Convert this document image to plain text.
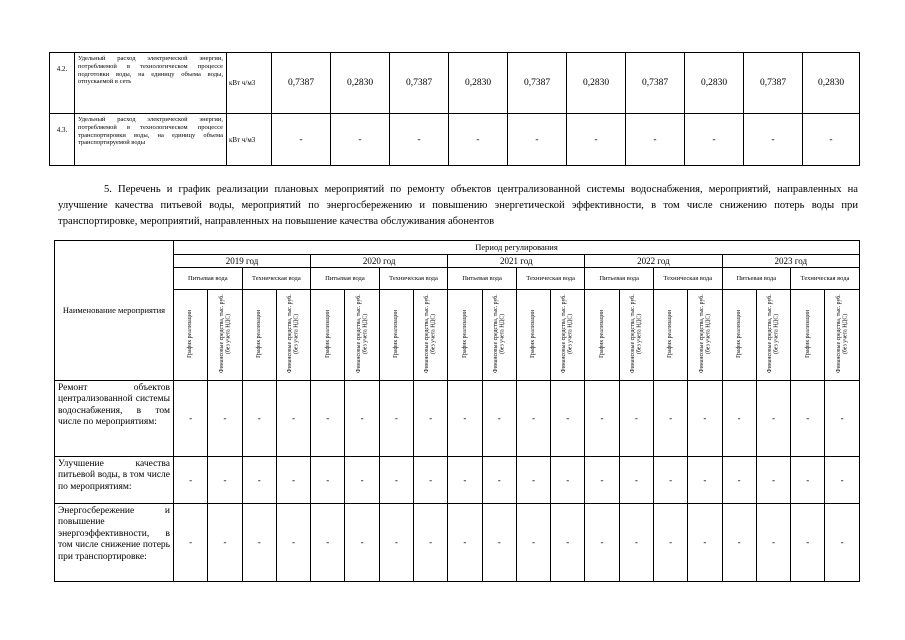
4.2.	Удельный расход электрической энергии, потребляемой в технологическом процессе подготовки воды, на единицу объема воды, отпускаемой в сеть	кВт ч/м3	0,7387	0,2830	0,7387	0,2830	0,7387	0,2830	0,7387	0,2830	0,7387	0,2830
4.3.	Удельный расход электрической энергии, потребляемой в технологическом процессе транспортировки воды, на единицу объема транспортируемой воды	кВт ч/м3	-	-	-	-	-	-	-	-	-	-

5. Перечень и график реализации плановых мероприятий по ремонту объектов централизованной системы водоснабжения, мероприятий, направленных на улучшение качества питьевой воды, мероприятий по энергосбережению и повышению энергетической эффективности, в том числе снижению потерь воды при транспортировке, мероприятий, направленных на повышение качества обслуживания абонентов

Наименование мероприятия	Период регулирования																			
	2019 год				2020 год				2021 год				2022 год				2023 год			
	Питьевая вода		Техническая вода		Питьевая вода		Техническая вода		Питьевая вода		Техническая вода		Питьевая вода		Техническая вода		Питьевая вода		Техническая вода	
	График реализации	Финансовые средства, тыс. руб. (без учета НДС)	График реализации	Финансовые средства, тыс. руб. (без учета НДС)	График реализации	Финансовые средства, тыс. руб. (без учета НДС)	График реализации	Финансовые средства, тыс. руб. (без учета НДС)	График реализации	Финансовые средства, тыс. руб. (без учета НДС)	График реализации	Финансовые средства, тыс. руб. (без учета НДС)	График реализации	Финансовые средства, тыс. руб. (без учета НДС)	График реализации	Финансовые средства, тыс. руб. (без учета НДС)	График реализации	Финансовые средства, тыс. руб. (без учета НДС)	График реализации	Финансовые средства, тыс. руб. (без учета НДС)
Ремонт объектов централизованной системы водоснабжения, в том числе по мероприятиям:	-	-	-	-	-	-	-	-	-	-	-	-	-	-	-	-	-	-	-	-
Улучшение качества питьевой воды, в том числе по мероприятиям:	-	-	-	-	-	-	-	-	-	-	-	-	-	-	-	-	-	-	-	-
Энергосбережение и повышение энергоэффективности, в том числе снижение потерь при транспортировке:	-	-	-	-	-	-	-	-	-	-	-	-	-	-	-	-	-	-	-	-
